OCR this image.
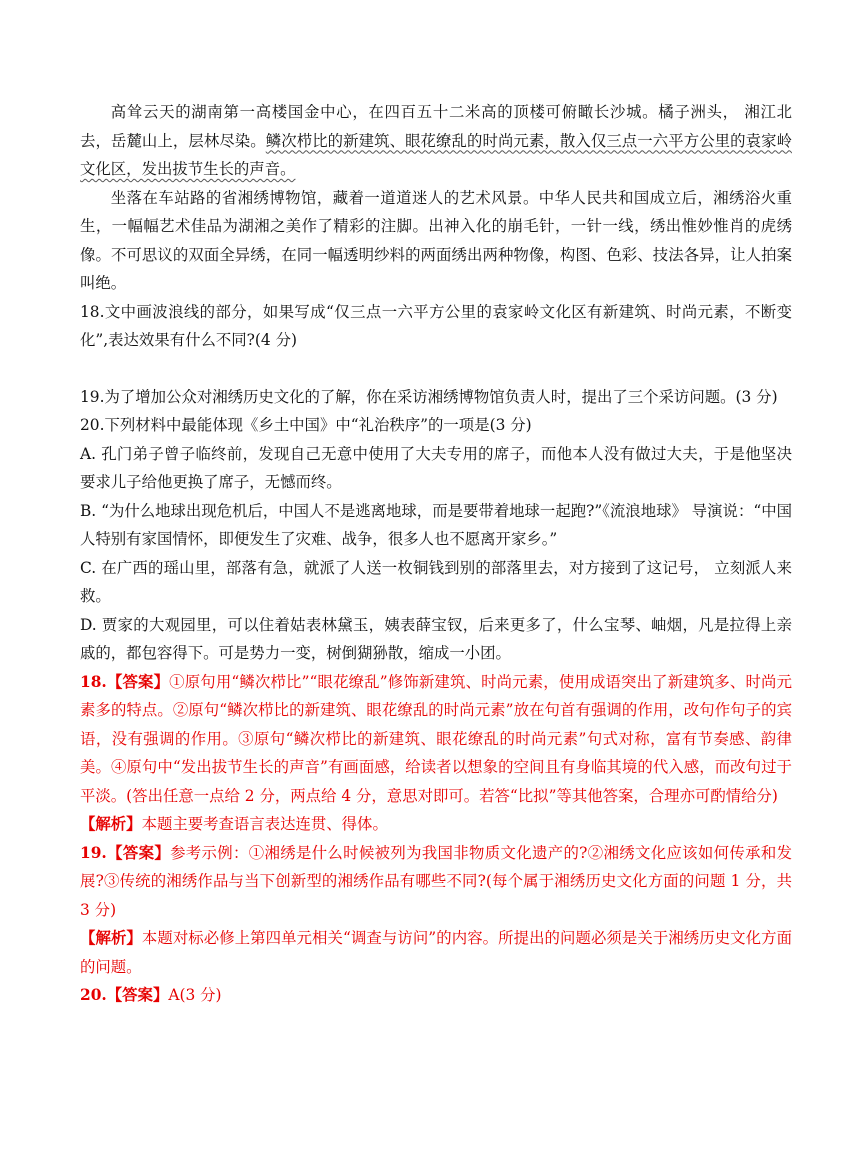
高耸云天的湖南第一高楼国金中心，在四百五十二米高的顶楼可俯瞰长沙城。橘子洲头， 湘江北去，岳麓山上，层林尽染。鳞次栉比的新建筑、眼花缭乱的时尚元素，散入仅三点一六平方公里的袁家岭文化区，发出拔节生长的声音。

坐落在车站路的省湘绣博物馆，藏着一道道迷人的艺术风景。中华人民共和国成立后，湘绣浴火重生，一幅幅艺术佳品为湖湘之美作了精彩的注脚。出神入化的崩毛针，一针一线，绣出惟妙惟肖的虎绣像。不可思议的双面全异绣，在同一幅透明纱料的两面绣出两种物像，构图、色彩、技法各异，让人拍案叫绝。

18.文中画波浪线的部分，如果写成“仅三点一六平方公里的袁家岭文化区有新建筑、时尚元素，不断变化”,表达效果有什么不同?(4 分)

19.为了增加公众对湘绣历史文化的了解，你在采访湘绣博物馆负责人时，提出了三个采访问题。(3 分)

20.下列材料中最能体现《乡土中国》中“礼治秩序”的一项是(3 分)

A. 孔门弟子曾子临终前，发现自己无意中使用了大夫专用的席子，而他本人没有做过大夫，于是他坚决要求儿子给他更换了席子，无憾而终。

B. “为什么地球出现危机后，中国人不是逃离地球，而是要带着地球一起跑?”《流浪地球》 导演说：“中国人特别有家国情怀，即便发生了灾难、战争，很多人也不愿离开家乡。”

C. 在广西的瑶山里，部落有急，就派了人送一枚铜钱到别的部落里去，对方接到了这记号， 立刻派人来救。

D. 贾家的大观园里，可以住着姑表林黛玉，姨表薛宝钗，后来更多了，什么宝琴、岫烟，凡是拉得上亲戚的，都包容得下。可是势力一变，树倒猢狲散，缩成一小团。

18.【答案】①原句用“鳞次栉比”“眼花缭乱”修饰新建筑、时尚元素，使用成语突出了新建筑多、时尚元素多的特点。②原句“鳞次栉比的新建筑、眼花缭乱的时尚元素”放在句首有强调的作用，改句作句子的宾语，没有强调的作用。③原句“鳞次栉比的新建筑、眼花缭乱的时尚元素”句式对称，富有节奏感、韵律美。④原句中“发出拔节生长的声音”有画面感，给读者以想象的空间且有身临其境的代入感，而改句过于平淡。(答出任意一点给 2 分，两点给 4 分，意思对即可。若答“比拟”等其他答案，合理亦可酌情给分)

【解析】本题主要考查语言表达连贯、得体。

19.【答案】参考示例：①湘绣是什么时候被列为我国非物质文化遗产的?②湘绣文化应该如何传承和发展?③传统的湘绣作品与当下创新型的湘绣作品有哪些不同?(每个属于湘绣历史文化方面的问题 1 分，共 3 分)

【解析】本题对标必修上第四单元相关“调查与访问”的内容。所提出的问题必须是关于湘绣历史文化方面的问题。

20.【答案】A(3 分)
